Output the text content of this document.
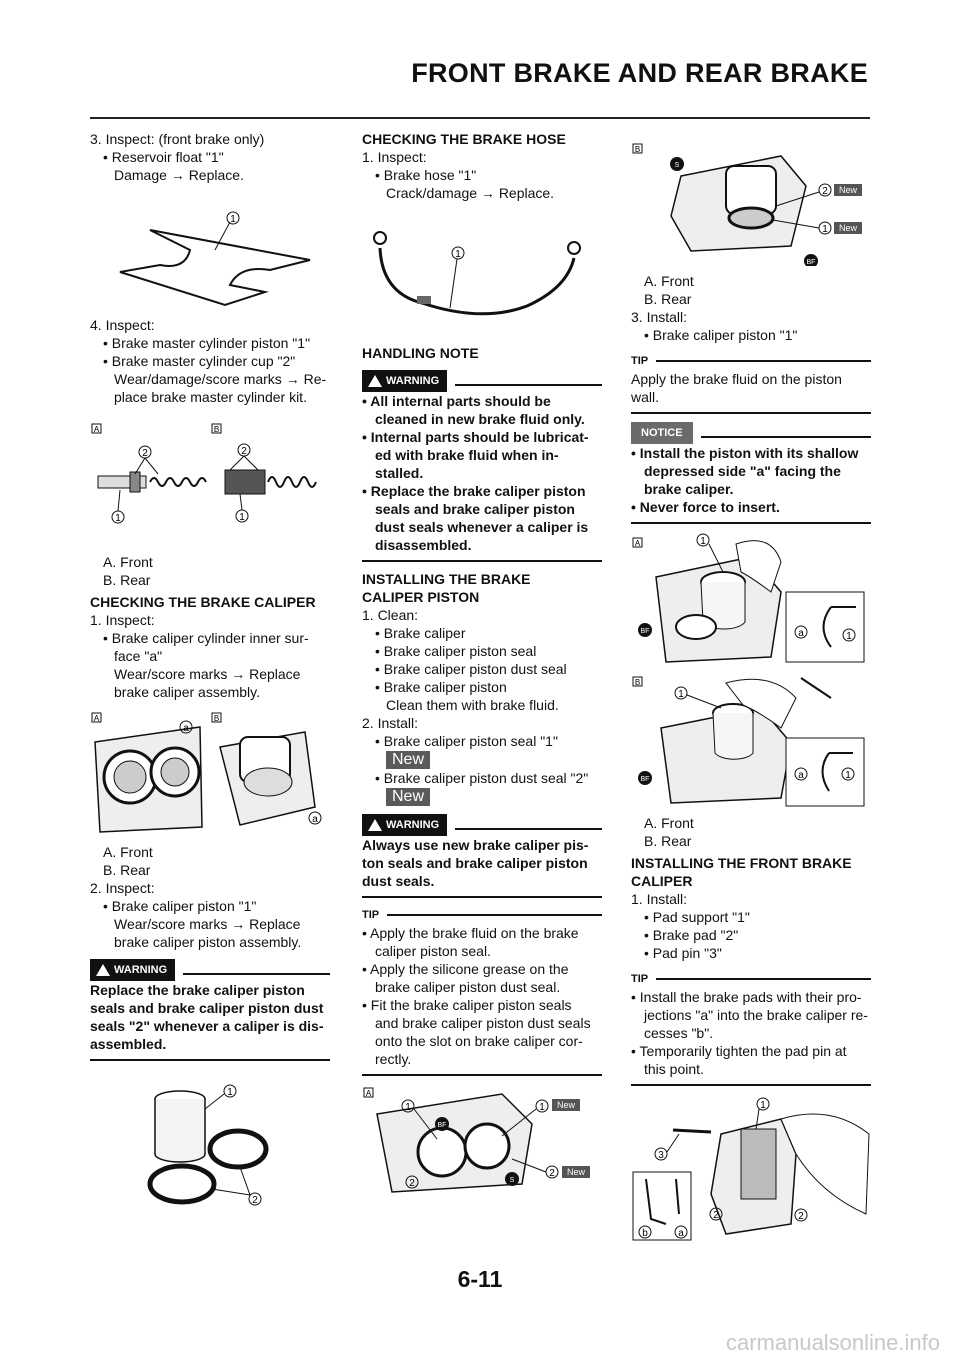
FRONT BRAKE AND REAR BRAKE
3. Inspect: (front brake only)
• Reservoir float "1"
Damage → Replace.
1
4. Inspect:
• Brake master cylinder piston "1"
• Brake master cylinder cup "2"
Wear/damage/score marks → Re-
place brake master cylinder kit.
A	B
2
1
2
1
A. Front
B. Rear
CHECKING THE BRAKE CALIPER
1. Inspect:
• Brake caliper cylinder inner sur-
face "a"
Wear/score marks → Replace
brake caliper assembly.
A	B
a
a
A. Front
B. Rear
2. Inspect:
• Brake caliper piston "1"
Wear/score marks → Replace
brake caliper piston assembly.
WARNING
Replace the brake caliper piston
seals and brake caliper piston dust
seals "2" whenever a caliper is dis-
assembled.
1
2
CHECKING THE BRAKE HOSE
1. Inspect:
• Brake hose "1"
Crack/damage → Replace.
1
HANDLING NOTE
WARNING
• All internal parts should be
cleaned in new brake fluid only.
• Internal parts should be lubricat-
ed with brake fluid when in-
stalled.
• Replace the brake caliper piston
seals and brake caliper piston
dust seals whenever a caliper is
disassembled.
INSTALLING THE BRAKE
CALIPER PISTON
1. Clean:
• Brake caliper
• Brake caliper piston seal
• Brake caliper piston dust seal
• Brake caliper piston
Clean them with brake fluid.
2. Install:
• Brake caliper piston seal "1"
New
• Brake caliper piston dust seal "2"
New
WARNING
Always use new brake caliper pis-
ton seals and brake caliper piston
dust seals.
TIP
• Apply the brake fluid on the brake
caliper piston seal.
• Apply the silicone grease on the
brake caliper piston dust seal.
• Fit the brake caliper piston seals
and brake caliper piston dust seals
onto the slot on brake caliper cor-
rectly.
A
1	1 New
2
2 New
BF
S
B
S
BF
2 New
1 New
A. Front
B. Rear
3. Install:
• Brake caliper piston "1"
TIP
Apply the brake fluid on the piston
wall.
NOTICE
• Install the piston with its shallow
depressed side "a" facing the
brake caliper.
• Never force to insert.
A	1
a	1
BF
B
1
a	1
BF
A. Front
B. Rear
INSTALLING THE FRONT BRAKE
CALIPER
1. Install:
• Pad support "1"
• Brake pad "2"
• Pad pin "3"
TIP
• Install the brake pads with their pro-
jections "a" into the brake caliper re-
cesses "b".
• Temporarily tighten the pad pin at
this point.
1
3
2	2
b	a
6-11
carmanualsonline.info
